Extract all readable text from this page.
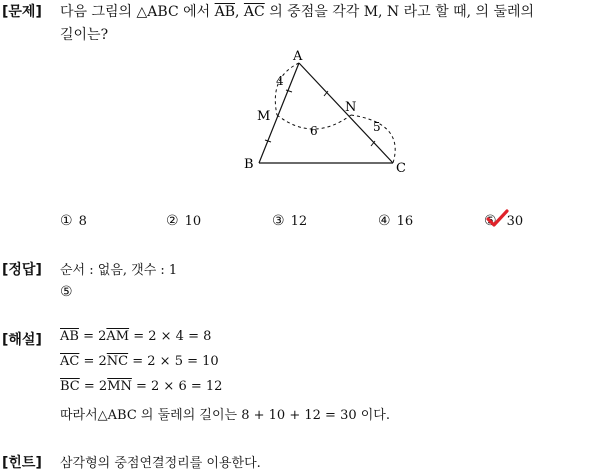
[문제] 다음 그림의 △ABC 에서 $\overline{AB}$, $\overline{AC}$ 의 중점을 각각 M, N 라고 할 때, 의 둘레의
길이는?
A
B	C
M
N
4
6	5
① 8	② 10	③ 12	④ 16	⑤ 30
[정답] 순서 : 없음, 갯수 : 1
⑤
[해설] $\overline{AB} = 2\overline{AM} = 2 \times 4 = 8$
$\overline{AC} = 2\overline{NC} = 2 \times 5 = 10$
$\overline{BC} = 2\overline{MN} = 2 \times 6 = 12$
따라서△ABC 의 둘레의 길이는 8 + 10 + 12 = 30 이다.
[힌트] 삼각형의 중점연결정리를 이용한다.
